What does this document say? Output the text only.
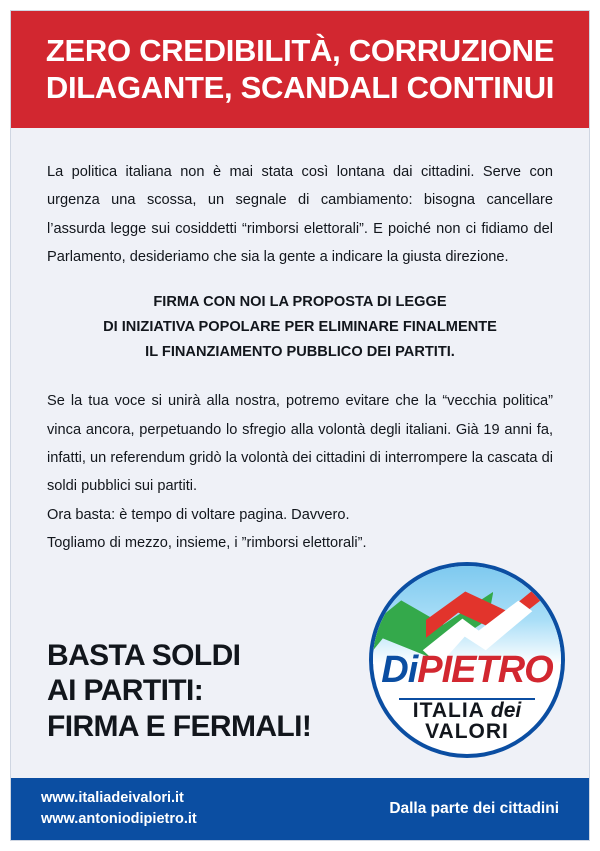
ZERO CREDIBILITÀ, CORRUZIONE
DILAGANTE, SCANDALI CONTINUI

La politica italiana non è mai stata così lontana dai cittadini. Serve con urgenza una scossa, un segnale di cambiamento: bisogna cancellare l’assurda legge sui cosiddetti “rimborsi elettorali”. E poiché non ci fidiamo del Parlamento, desideriamo che sia la gente a indicare la giusta direzione.

FIRMA CON NOI LA PROPOSTA DI LEGGE
DI INIZIATIVA POPOLARE PER ELIMINARE FINALMENTE
IL FINANZIAMENTO PUBBLICO DEI PARTITI.

Se la tua voce si unirà alla nostra, potremo evitare che la “vecchia politica” vinca ancora, perpetuando lo sfregio alla volontà degli italiani. Già 19 anni fa, infatti, un referendum gridò la volontà dei cittadini di interrompere la cascata di soldi pubblici sui partiti.

Ora basta: è tempo di voltare pagina. Davvero.

Togliamo di mezzo, insieme, i ”rimborsi elettorali”.

BASTA SOLDI
AI PARTITI:
FIRMA E FERMALI!
DiPIETRO
ITALIA dei
VALORI
www.italiadeivalori.it
www.antoniodipietro.it
Dalla parte dei cittadini
